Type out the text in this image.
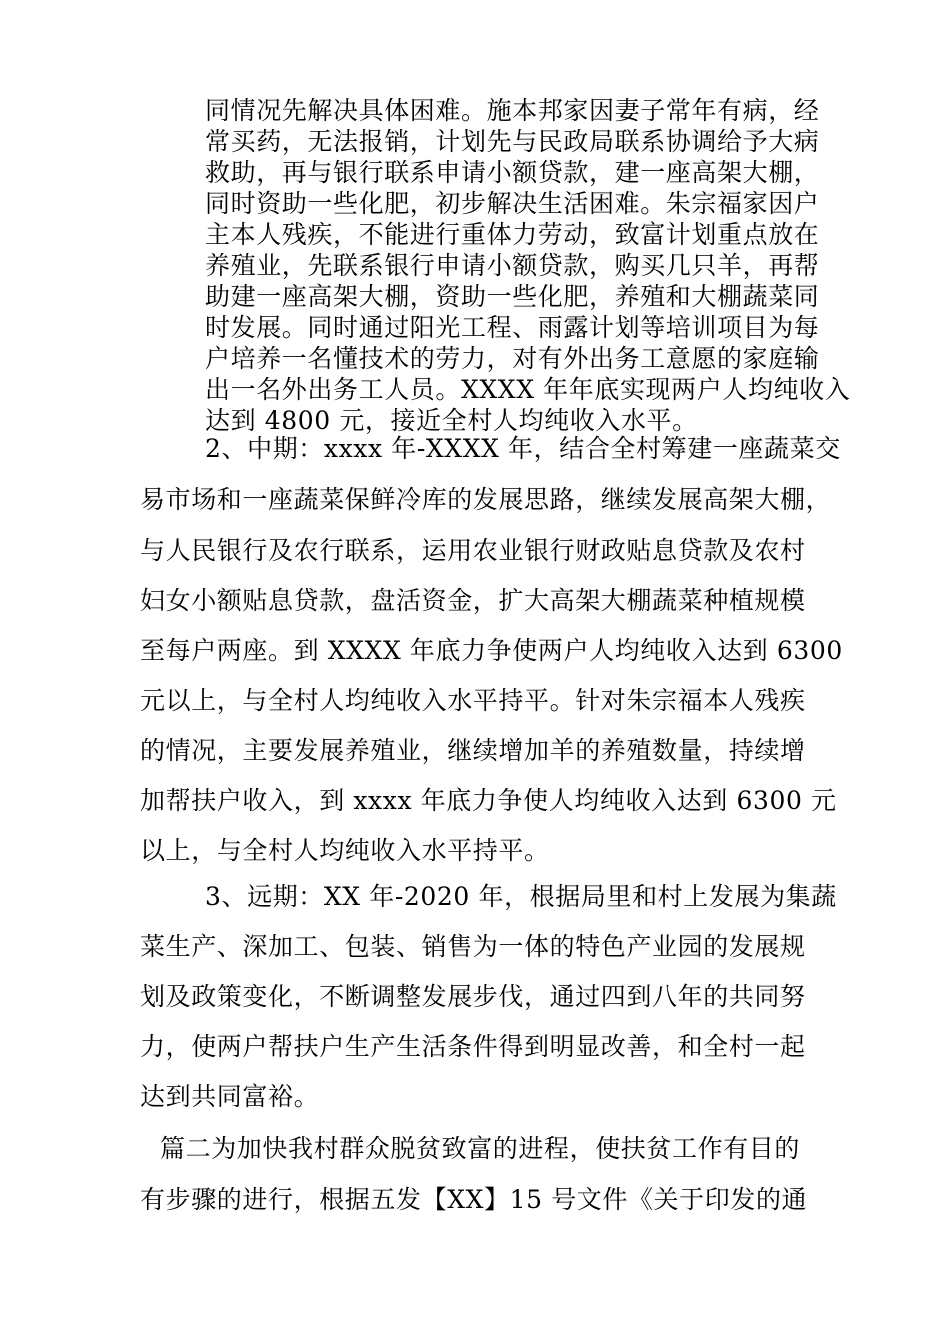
同情况先解决具体困难。施本邦家因妻子常年有病，经
常买药，无法报销，计划先与民政局联系协调给予大病
救助，再与银行联系申请小额贷款，建一座高架大棚，
同时资助一些化肥，初步解决生活困难。朱宗福家因户
主本人残疾，不能进行重体力劳动，致富计划重点放在
养殖业，先联系银行申请小额贷款，购买几只羊，再帮
助建一座高架大棚，资助一些化肥，养殖和大棚蔬菜同
时发展。同时通过阳光工程、雨露计划等培训项目为每
户培养一名懂技术的劳力，对有外出务工意愿的家庭输
出一名外出务工人员。XXXX 年年底实现两户人均纯收入
达到 4800 元，接近全村人均纯收入水平。
2、中期：xxxx 年-XXXX 年，结合全村筹建一座蔬菜交
易市场和一座蔬菜保鲜冷库的发展思路，继续发展高架大棚，
与人民银行及农行联系，运用农业银行财政贴息贷款及农村
妇女小额贴息贷款，盘活资金，扩大高架大棚蔬菜种植规模
至每户两座。到 XXXX 年底力争使两户人均纯收入达到 6300
元以上，与全村人均纯收入水平持平。针对朱宗福本人残疾
的情况，主要发展养殖业，继续增加羊的养殖数量，持续增
加帮扶户收入，到 xxxx 年底力争使人均纯收入达到 6300 元
以上，与全村人均纯收入水平持平。
3、远期：XX 年-2020 年，根据局里和村上发展为集蔬
菜生产、深加工、包装、销售为一体的特色产业园的发展规
划及政策变化，不断调整发展步伐，通过四到八年的共同努
力，使两户帮扶户生产生活条件得到明显改善，和全村一起
达到共同富裕。
篇二为加快我村群众脱贫致富的进程，使扶贫工作有目的
有步骤的进行，根据五发【XX】15 号文件《关于印发的通
